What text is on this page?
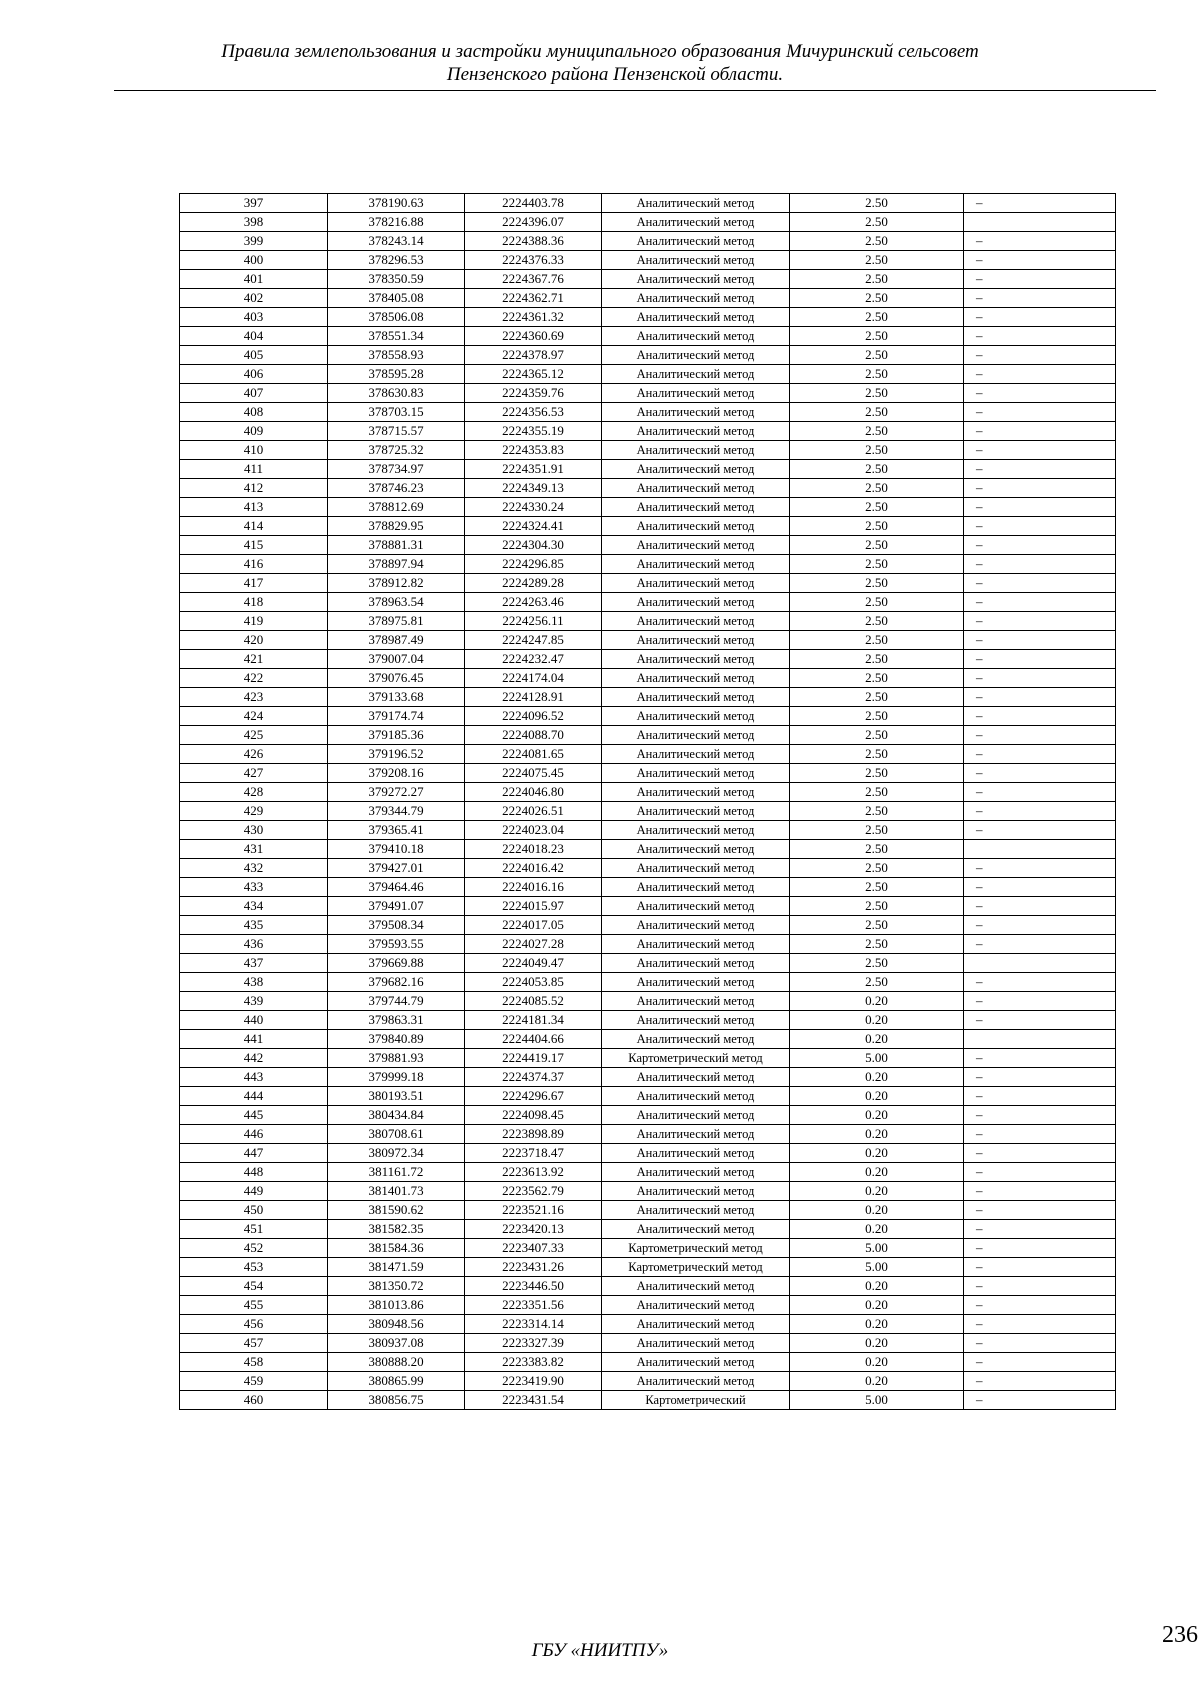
Правила землепользования и застройки муниципального образования Мичуринский сельсовет
Пензенского района Пензенской области.
397	378190.63	2224403.78	Аналитический метод	2.50	–
398	378216.88	2224396.07	Аналитический метод	2.50	
399	378243.14	2224388.36	Аналитический метод	2.50	–
400	378296.53	2224376.33	Аналитический метод	2.50	–
401	378350.59	2224367.76	Аналитический метод	2.50	–
402	378405.08	2224362.71	Аналитический метод	2.50	–
403	378506.08	2224361.32	Аналитический метод	2.50	–
404	378551.34	2224360.69	Аналитический метод	2.50	–
405	378558.93	2224378.97	Аналитический метод	2.50	–
406	378595.28	2224365.12	Аналитический метод	2.50	–
407	378630.83	2224359.76	Аналитический метод	2.50	–
408	378703.15	2224356.53	Аналитический метод	2.50	–
409	378715.57	2224355.19	Аналитический метод	2.50	–
410	378725.32	2224353.83	Аналитический метод	2.50	–
411	378734.97	2224351.91	Аналитический метод	2.50	–
412	378746.23	2224349.13	Аналитический метод	2.50	–
413	378812.69	2224330.24	Аналитический метод	2.50	–
414	378829.95	2224324.41	Аналитический метод	2.50	–
415	378881.31	2224304.30	Аналитический метод	2.50	–
416	378897.94	2224296.85	Аналитический метод	2.50	–
417	378912.82	2224289.28	Аналитический метод	2.50	–
418	378963.54	2224263.46	Аналитический метод	2.50	–
419	378975.81	2224256.11	Аналитический метод	2.50	–
420	378987.49	2224247.85	Аналитический метод	2.50	–
421	379007.04	2224232.47	Аналитический метод	2.50	–
422	379076.45	2224174.04	Аналитический метод	2.50	–
423	379133.68	2224128.91	Аналитический метод	2.50	–
424	379174.74	2224096.52	Аналитический метод	2.50	–
425	379185.36	2224088.70	Аналитический метод	2.50	–
426	379196.52	2224081.65	Аналитический метод	2.50	–
427	379208.16	2224075.45	Аналитический метод	2.50	–
428	379272.27	2224046.80	Аналитический метод	2.50	–
429	379344.79	2224026.51	Аналитический метод	2.50	–
430	379365.41	2224023.04	Аналитический метод	2.50	–
431	379410.18	2224018.23	Аналитический метод	2.50	
432	379427.01	2224016.42	Аналитический метод	2.50	–
433	379464.46	2224016.16	Аналитический метод	2.50	–
434	379491.07	2224015.97	Аналитический метод	2.50	–
435	379508.34	2224017.05	Аналитический метод	2.50	–
436	379593.55	2224027.28	Аналитический метод	2.50	–
437	379669.88	2224049.47	Аналитический метод	2.50	
438	379682.16	2224053.85	Аналитический метод	2.50	–
439	379744.79	2224085.52	Аналитический метод	0.20	–
440	379863.31	2224181.34	Аналитический метод	0.20	–
441	379840.89	2224404.66	Аналитический метод	0.20	
442	379881.93	2224419.17	Картометрический метод	5.00	–
443	379999.18	2224374.37	Аналитический метод	0.20	–
444	380193.51	2224296.67	Аналитический метод	0.20	–
445	380434.84	2224098.45	Аналитический метод	0.20	–
446	380708.61	2223898.89	Аналитический метод	0.20	–
447	380972.34	2223718.47	Аналитический метод	0.20	–
448	381161.72	2223613.92	Аналитический метод	0.20	–
449	381401.73	2223562.79	Аналитический метод	0.20	–
450	381590.62	2223521.16	Аналитический метод	0.20	–
451	381582.35	2223420.13	Аналитический метод	0.20	–
452	381584.36	2223407.33	Картометрический метод	5.00	–
453	381471.59	2223431.26	Картометрический метод	5.00	–
454	381350.72	2223446.50	Аналитический метод	0.20	–
455	381013.86	2223351.56	Аналитический метод	0.20	–
456	380948.56	2223314.14	Аналитический метод	0.20	–
457	380937.08	2223327.39	Аналитический метод	0.20	–
458	380888.20	2223383.82	Аналитический метод	0.20	–
459	380865.99	2223419.90	Аналитический метод	0.20	–
460	380856.75	2223431.54	Картометрический	5.00	–
ГБУ «НИИТПУ»
236
